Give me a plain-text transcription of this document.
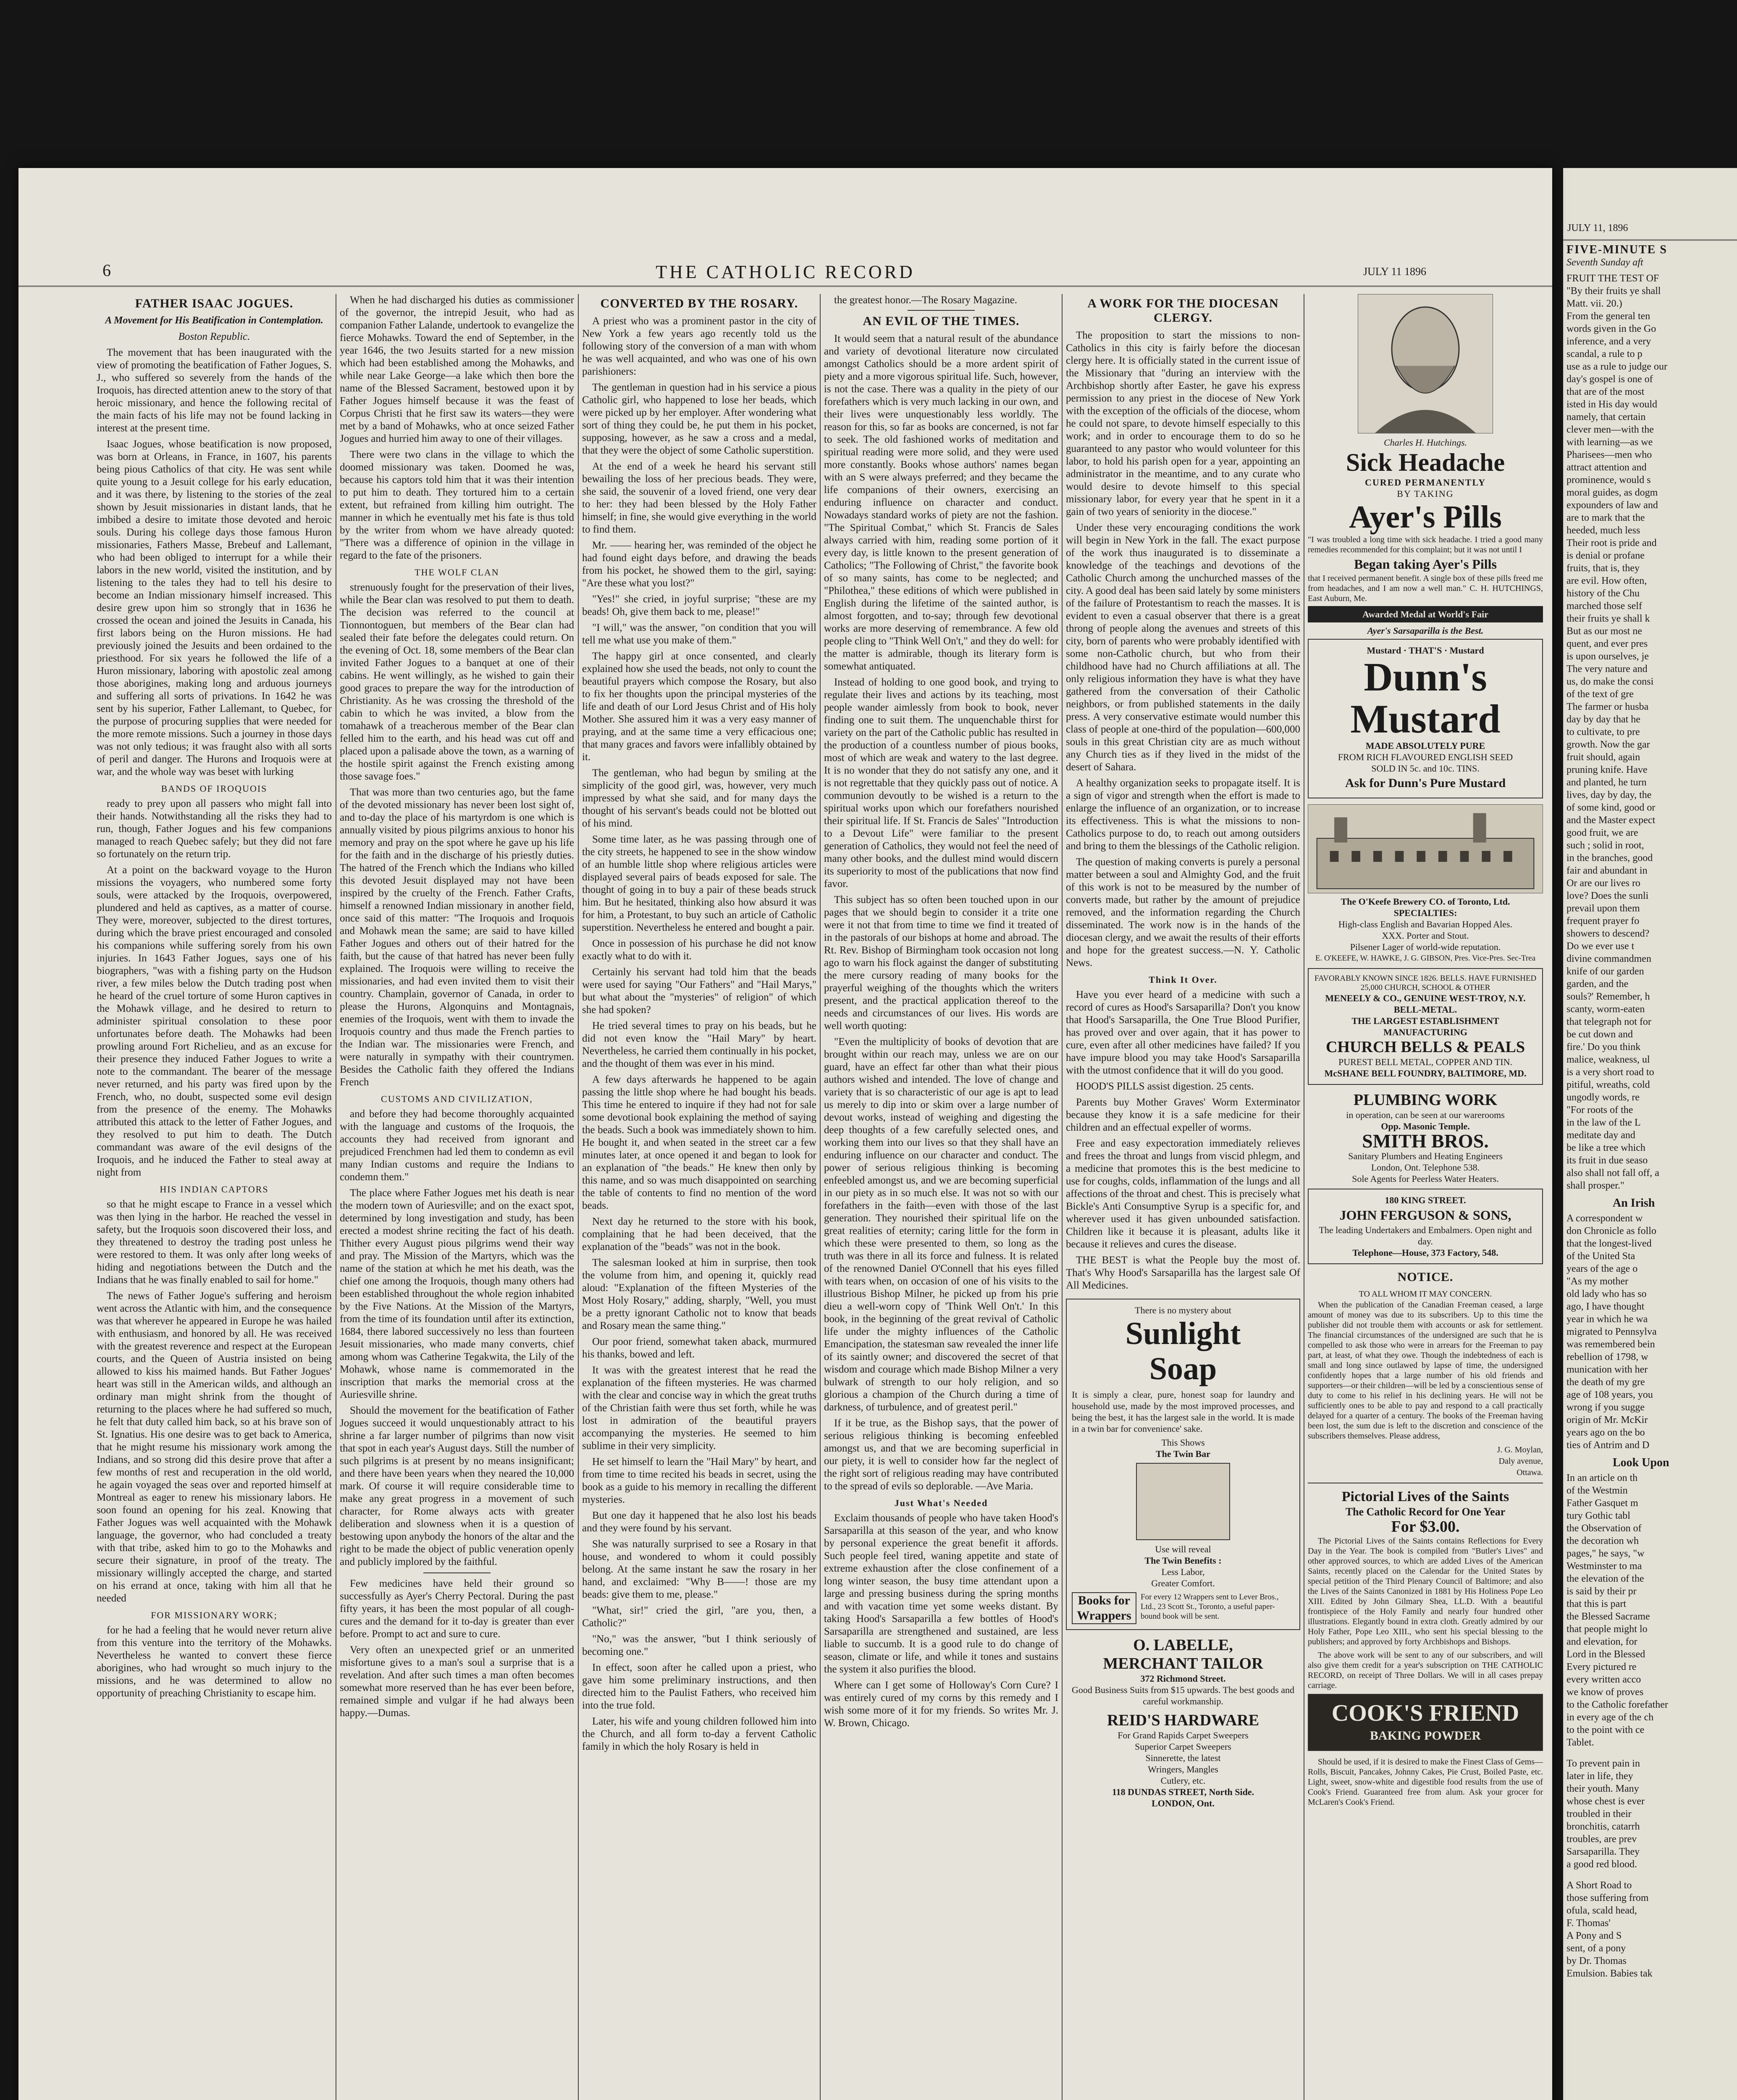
JULY 11, 1896
FIVE-MINUTE S
Seventh Sunday aft
FRUIT THE TEST OF
"By their fruits ye shall
Matt. vii. 20.)
From the general ten
words given in the Go
inference, and a very
scandal, a rule to p
use as a rule to judge our
day's gospel is one of
that are of the most
isted in His day would
namely, that certain
clever men—with the
with learning—as we
Pharisees—men who
attract attention and
prominence, would s
moral guides, as dogm
expounders of law and
are to mark that the
heeded, much less
Their root is pride and
is denial or profane
fruits, that is, they
are evil. How often,
history of the Chu
marched those self
their fruits ye shall k
But as our most ne
quent, and ever pres
is upon ourselves, je
The very nature and
us, do make the consi
of the text of gre
The farmer or husba
day by day that he
to cultivate, to pre
growth. Now the gar
fruit should, again
pruning knife. Have
and planted, he turn
lives, day by day, the
of some kind, good or
and the Master expect
good fruit, we are
such ; solid in root,
in the branches, good
fair and abundant in
Or are our lives ro
love? Does the sunli
prevail upon them
frequent prayer fo
showers to descend?
Do we ever use t
divine commandmen
knife of our garden
garden, and the
souls?' Remember, h
scanty, worm-eaten
that telegraph not for
be cut down and
fire.' Do you think
malice, weakness, ul
is a very short road to
pitiful, wreaths, cold
ungodly words, re
"For roots of the
in the law of the L
meditate day and
be like a tree which
its fruit in due seaso
also shall not fall off, a
shall prosper."
An Irish
A correspondent w
don Chronicle as follo
that the longest-lived
of the United Sta
years of the age o
"As my mother
old lady who has so
ago, I have thought
year in which he wa
migrated to Pennsylva
was remembered bein
rebellion of 1798, w
munication with her
the death of my gre
age of 108 years, you
wrong if you sugge
origin of Mr. McKir
years ago on the bo
ties of Antrim and D
Look Upon
In an article on th
of the Westmin
Father Gasquet m
tury Gothic tabl
the Observation of
the decoration wh
pages," he says, "w
Westminster to ma
the elevation of the
is said by their pr
that this is part
the Blessed Sacrame
that people might lo
and elevation, for
Lord in the Blessed
Every pictured re
every written acco
we know of proves
to the Catholic forefather
in every age of the ch
to the point with ce
Tablet.
To prevent pain in
later in life, they
their youth. Many
whose chest is ever
troubled in their
bronchitis, catarrh
troubles, are prev
Sarsaparilla. They
a good red blood.
A Short Road to
those suffering from
ofula, scald head,
F. Thomas'
A Pony and S
sent, of a pony
by Dr. Thomas
Emulsion. Babies tak
6	THE CATHOLIC RECORD	JULY 11 1896
FATHER ISAAC JOGUES.
A Movement for His Beatification in Contemplation.

Boston Republic.

The movement that has been inaugurated with the view of promoting the beatification of Father Jogues, S. J., who suffered so severely from the hands of the Iroquois, has directed attention anew to the story of that heroic missionary, and hence the following recital of the main facts of his life may not be found lacking in interest at the present time.

Isaac Jogues, whose beatification is now proposed, was born at Orleans, in France, in 1607, his parents being pious Catholics of that city. He was sent while quite young to a Jesuit college for his early education, and it was there, by listening to the stories of the zeal shown by Jesuit missionaries in distant lands, that he imbibed a desire to imitate those devoted and heroic souls. During his college days those famous Huron missionaries, Fathers Masse, Brebeuf and Lallemant, who had been obliged to interrupt for a while their labors in the new world, visited the institution, and by listening to the tales they had to tell his desire to become an Indian missionary himself increased. This desire grew upon him so strongly that in 1636 he crossed the ocean and joined the Jesuits in Canada, his first labors being on the Huron missions. He had previously joined the Jesuits and been ordained to the priesthood. For six years he followed the life of a Huron missionary, laboring with apostolic zeal among those aborigines, making long and arduous journeys and suffering all sorts of privations. In 1642 he was sent by his superior, Father Lallemant, to Quebec, for the purpose of procuring supplies that were needed for the more remote missions. Such a journey in those days was not only tedious; it was fraught also with all sorts of peril and danger. The Hurons and Iroquois were at war, and the whole way was beset with lurking

BANDS OF IROQUOIS

ready to prey upon all passers who might fall into their hands. Notwithstanding all the risks they had to run, though, Father Jogues and his few companions managed to reach Quebec safely; but they did not fare so fortunately on the return trip.

At a point on the backward voyage to the Huron missions the voyagers, who numbered some forty souls, were attacked by the Iroquois, overpowered, plundered and held as captives, as a matter of course. They were, moreover, subjected to the direst tortures, during which the brave priest encouraged and consoled his companions while suffering sorely from his own injuries. In 1643 Father Jogues, says one of his biographers, "was with a fishing party on the Hudson river, a few miles below the Dutch trading post when he heard of the cruel torture of some Huron captives in the Mohawk village, and he desired to return to administer spiritual consolation to these poor unfortunates before death. The Mohawks had been prowling around Fort Richelieu, and as an excuse for their presence they induced Father Jogues to write a note to the commandant. The bearer of the message never returned, and his party was fired upon by the French, who, no doubt, suspected some evil design from the presence of the enemy. The Mohawks attributed this attack to the letter of Father Jogues, and they resolved to put him to death. The Dutch commandant was aware of the evil designs of the Iroquois, and he induced the Father to steal away at night from

HIS INDIAN CAPTORS

so that he might escape to France in a vessel which was then lying in the harbor. He reached the vessel in safety, but the Iroquois soon discovered their loss, and they threatened to destroy the trading post unless he were restored to them. It was only after long weeks of hiding and negotiations between the Dutch and the Indians that he was finally enabled to sail for home."

The news of Father Jogue's suffering and heroism went across the Atlantic with him, and the consequence was that wherever he appeared in Europe he was hailed with enthusiasm, and honored by all. He was received with the greatest reverence and respect at the European courts, and the Queen of Austria insisted on being allowed to kiss his maimed hands. But Father Jogues' heart was still in the American wilds, and although an ordinary man might shrink from the thought of returning to the places where he had suffered so much, he felt that duty called him back, so at his brave son of St. Ignatius. His one desire was to get back to America, that he might resume his missionary work among the Indians, and so strong did this desire prove that after a few months of rest and recuperation in the old world, he again voyaged the seas over and reported himself at Montreal as eager to renew his missionary labors. He soon found an opening for his zeal. Knowing that Father Jogues was well acquainted with the Mohawk language, the governor, who had concluded a treaty with that tribe, asked him to go to the Mohawks and secure their signature, in proof of the treaty. The missionary willingly accepted the charge, and started on his errand at once, taking with him all that he needed

FOR MISSIONARY WORK;

for he had a feeling that he would never return alive from this venture into the territory of the Mohawks. Nevertheless he wanted to convert these fierce aborigines, who had wrought so much injury to the missions, and he was determined to allow no opportunity of preaching Christianity to escape him.

When he had discharged his duties as commissioner of the governor, the intrepid Jesuit, who had as companion Father Lalande, undertook to evangelize the fierce Mohawks. Toward the end of September, in the year 1646, the two Jesuits started for a new mission which had been established among the Mohawks, and while near Lake George—a lake which then bore the name of the Blessed Sacrament, bestowed upon it by Father Jogues himself because it was the feast of Corpus Christi that he first saw its waters—they were met by a band of Mohawks, who at once seized Father Jogues and hurried him away to one of their villages.

There were two clans in the village to which the doomed missionary was taken. Doomed he was, because his captors told him that it was their intention to put him to death. They tortured him to a certain extent, but refrained from killing him outright. The manner in which he eventually met his fate is thus told by the writer from whom we have already quoted: "There was a difference of opinion in the village in regard to the fate of the prisoners.

THE WOLF CLAN

strenuously fought for the preservation of their lives, while the Bear clan was resolved to put them to death. The decision was referred to the council at Tionnontoguen, but members of the Bear clan had sealed their fate before the delegates could return. On the evening of Oct. 18, some members of the Bear clan invited Father Jogues to a banquet at one of their cabins. He went willingly, as he wished to gain their good graces to prepare the way for the introduction of Christianity. As he was crossing the threshold of the cabin to which he was invited, a blow from the tomahawk of a treacherous member of the Bear clan felled him to the earth, and his head was cut off and placed upon a palisade above the town, as a warning of the hostile spirit against the French existing among those savage foes."

That was more than two centuries ago, but the fame of the devoted missionary has never been lost sight of, and to-day the place of his martyrdom is one which is annually visited by pious pilgrims anxious to honor his memory and pray on the spot where he gave up his life for the faith and in the discharge of his priestly duties. The hatred of the French which the Indians who killed this devoted Jesuit displayed may not have been inspired by the cruelty of the French. Father Crafts, himself a renowned Indian missionary in another field, once said of this matter: "The Iroquois and Iroquois and Mohawk mean the same; are said to have killed Father Jogues and others out of their hatred for the faith, but the cause of that hatred has never been fully explained. The Iroquois were willing to receive the missionaries, and had even invited them to visit their country. Champlain, governor of Canada, in order to please the Hurons, Algonquins and Montagnais, enemies of the Iroquois, went with them to invade the Iroquois country and thus made the French parties to the Indian war. The missionaries were French, and were naturally in sympathy with their countrymen. Besides the Catholic faith they offered the Indians French

CUSTOMS AND CIVILIZATION,

and before they had become thoroughly acquainted with the language and customs of the Iroquois, the accounts they had received from ignorant and prejudiced Frenchmen had led them to condemn as evil many Indian customs and require the Indians to condemn them."

The place where Father Jogues met his death is near the modern town of Auriesville; and on the exact spot, determined by long investigation and study, has been erected a modest shrine reciting the fact of his death. Thither every August pious pilgrims wend their way and pray. The Mission of the Martyrs, which was the name of the station at which he met his death, was the chief one among the Iroquois, though many others had been established throughout the whole region inhabited by the Five Nations. At the Mission of the Martyrs, from the time of its foundation until after its extinction, 1684, there labored successively no less than fourteen Jesuit missionaries, who made many converts, chief among whom was Catherine Tegakwita, the Lily of the Mohawk, whose name is commemorated in the inscription that marks the memorial cross at the Auriesville shrine.

Should the movement for the beatification of Father Jogues succeed it would unquestionably attract to his shrine a far larger number of pilgrims than now visit that spot in each year's August days. Still the number of such pilgrims is at present by no means insignificant; and there have been years when they neared the 10,000 mark. Of course it will require considerable time to make any great progress in a movement of such character, for Rome always acts with greater deliberation and slowness when it is a question of bestowing upon anybody the honors of the altar and the right to be made the object of public veneration openly and publicly implored by the faithful.

Few medicines have held their ground so successfully as Ayer's Cherry Pectoral. During the past fifty years, it has been the most popular of all cough-cures and the demand for it to-day is greater than ever before. Prompt to act and sure to cure.

Very often an unexpected grief or an unmerited misfortune gives to a man's soul a surprise that is a revelation. And after such times a man often becomes somewhat more reserved than he has ever been before, remained simple and vulgar if he had always been happy.—Dumas.

CONVERTED BY THE ROSARY.

A priest who was a prominent pastor in the city of New York a few years ago recently told us the following story of the conversion of a man with whom he was well acquainted, and who was one of his own parishioners:

The gentleman in question had in his service a pious Catholic girl, who happened to lose her beads, which were picked up by her employer. After wondering what sort of thing they could be, he put them in his pocket, supposing, however, as he saw a cross and a medal, that they were the object of some Catholic superstition.

At the end of a week he heard his servant still bewailing the loss of her precious beads. They were, she said, the souvenir of a loved friend, one very dear to her: they had been blessed by the Holy Father himself; in fine, she would give everything in the world to find them.

Mr. —— hearing her, was reminded of the object he had found eight days before, and drawing the beads from his pocket, he showed them to the girl, saying: "Are these what you lost?"

"Yes!" she cried, in joyful surprise; "these are my beads! Oh, give them back to me, please!"

"I will," was the answer, "on condition that you will tell me what use you make of them."

The happy girl at once consented, and clearly explained how she used the beads, not only to count the beautiful prayers which compose the Rosary, but also to fix her thoughts upon the principal mysteries of the life and death of our Lord Jesus Christ and of His holy Mother. She assured him it was a very easy manner of praying, and at the same time a very efficacious one; that many graces and favors were infallibly obtained by it.

The gentleman, who had begun by smiling at the simplicity of the good girl, was, however, very much impressed by what she said, and for many days the thought of his servant's beads could not be blotted out of his mind.

Some time later, as he was passing through one of the city streets, he happened to see in the show window of an humble little shop where religious articles were displayed several pairs of beads exposed for sale. The thought of going in to buy a pair of these beads struck him. But he hesitated, thinking also how absurd it was for him, a Protestant, to buy such an article of Catholic superstition. Nevertheless he entered and bought a pair.

Once in possession of his purchase he did not know exactly what to do with it.

Certainly his servant had told him that the beads were used for saying "Our Fathers" and "Hail Marys," but what about the "mysteries" of religion" of which she had spoken?

He tried several times to pray on his beads, but he did not even know the "Hail Mary" by heart. Nevertheless, he carried them continually in his pocket, and the thought of them was ever in his mind.

A few days afterwards he happened to be again passing the little shop where he had bought his beads. This time he entered to inquire if they had not for sale some devotional book explaining the method of saying the beads. Such a book was immediately shown to him. He bought it, and when seated in the street car a few minutes later, at once opened it and began to look for an explanation of "the beads." He knew then only by this name, and so was much disappointed on searching the table of contents to find no mention of the word beads.

Next day he returned to the store with his book, complaining that he had been deceived, that the explanation of the "beads" was not in the book.

The salesman looked at him in surprise, then took the volume from him, and opening it, quickly read aloud: "Explanation of the fifteen Mysteries of the Most Holy Rosary," adding, sharply, "Well, you must be a pretty ignorant Catholic not to know that beads and Rosary mean the same thing."

Our poor friend, somewhat taken aback, murmured his thanks, bowed and left.

It was with the greatest interest that he read the explanation of the fifteen mysteries. He was charmed with the clear and concise way in which the great truths of the Christian faith were thus set forth, while he was lost in admiration of the beautiful prayers accompanying the mysteries. He seemed to him sublime in their very simplicity.

He set himself to learn the "Hail Mary" by heart, and from time to time recited his beads in secret, using the book as a guide to his memory in recalling the different mysteries.

But one day it happened that he also lost his beads and they were found by his servant.

She was naturally surprised to see a Rosary in that house, and wondered to whom it could possibly belong. At the same instant he saw the rosary in her hand, and exclaimed: "Why B——! those are my beads: give them to me, please."

"What, sir!" cried the girl, "are you, then, a Catholic?"

"No," was the answer, "but I think seriously of becoming one."

In effect, soon after he called upon a priest, who gave him some preliminary instructions, and then directed him to the Paulist Fathers, who received him into the true fold.

Later, his wife and young children followed him into the Church, and all form to-day a fervent Catholic family in which the holy Rosary is held in

the greatest honor.—The Rosary Magazine.

AN EVIL OF THE TIMES.

It would seem that a natural result of the abundance and variety of devotional literature now circulated amongst Catholics should be a more ardent spirit of piety and a more vigorous spiritual life. Such, however, is not the case. There was a quality in the piety of our forefathers which is very much lacking in our own, and their lives were unquestionably less worldly. The reason for this, so far as books are concerned, is not far to seek. The old fashioned works of meditation and spiritual reading were more solid, and they were used more constantly. Books whose authors' names began with an S were always preferred; and they became the life companions of their owners, exercising an enduring influence on character and conduct. Nowadays standard works of piety are not the fashion. "The Spiritual Combat," which St. Francis de Sales always carried with him, reading some portion of it every day, is little known to the present generation of Catholics; "The Following of Christ," the favorite book of so many saints, has come to be neglected; and "Philothea," these editions of which were published in English during the lifetime of the sainted author, is almost forgotten, and to-say; through few devotional works are more deserving of remembrance. A few old people cling to "Think Well On't," and they do well: for the matter is admirable, though its literary form is somewhat antiquated.

Instead of holding to one good book, and trying to regulate their lives and actions by its teaching, most people wander aimlessly from book to book, never finding one to suit them. The unquenchable thirst for variety on the part of the Catholic public has resulted in the production of a countless number of pious books, most of which are weak and watery to the last degree. It is no wonder that they do not satisfy any one, and it is not regrettable that they quickly pass out of notice. A communion devoutly to be wished is a return to the spiritual works upon which our forefathers nourished their spiritual life. If St. Francis de Sales' "Introduction to a Devout Life" were familiar to the present generation of Catholics, they would not feel the need of many other books, and the dullest mind would discern its superiority to most of the publications that now find favor.

This subject has so often been touched upon in our pages that we should begin to consider it a trite one were it not that from time to time we find it treated of in the pastorals of our bishops at home and abroad. The Rt. Rev. Bishop of Birmingham took occasion not long ago to warn his flock against the danger of substituting the mere cursory reading of many books for the prayerful weighing of the thoughts which the writers present, and the practical application thereof to the needs and circumstances of our lives. His words are well worth quoting:

"Even the multiplicity of books of devotion that are brought within our reach may, unless we are on our guard, have an effect far other than what their pious authors wished and intended. The love of change and variety that is so characteristic of our age is apt to lead us merely to dip into or skim over a large number of devout works, instead of weighing and digesting the deep thoughts of a few carefully selected ones, and working them into our lives so that they shall have an enduring influence on our character and conduct. The power of serious religious thinking is becoming enfeebled amongst us, and we are becoming superficial in our piety as in so much else. It was not so with our forefathers in the faith—even with those of the last generation. They nourished their spiritual life on the great realities of eternity; caring little for the form in which these were presented to them, so long as the truth was there in all its force and fulness. It is related of the renowned Daniel O'Connell that his eyes filled with tears when, on occasion of one of his visits to the illustrious Bishop Milner, he picked up from his prie dieu a well-worn copy of 'Think Well On't.' In this book, in the beginning of the great revival of Catholic life under the mighty influences of the Catholic Emancipation, the statesman saw revealed the inner life of its saintly owner; and discovered the secret of that wisdom and courage which made Bishop Milner a very bulwark of strength to our holy religion, and so glorious a champion of the Church during a time of darkness, of turbulence, and of greatest peril."

If it be true, as the Bishop says, that the power of serious religious thinking is becoming enfeebled amongst us, and that we are becoming superficial in our piety, it is well to consider how far the neglect of the right sort of religious reading may have contributed to the spread of evils so deplorable. —Ave Maria.

Just What's Needed

Exclaim thousands of people who have taken Hood's Sarsaparilla at this season of the year, and who know by personal experience the great benefit it affords. Such people feel tired, waning appetite and state of extreme exhaustion after the close confinement of a long winter season, the busy time attendant upon a large and pressing business during the spring months and with vacation time yet some weeks distant. By taking Hood's Sarsaparilla a few bottles of Hood's Sarsaparilla are strengthened and sustained, are less liable to succumb. It is a good rule to do change of season, climate or life, and while it tones and sustains the system it also purifies the blood.

Where can I get some of Holloway's Corn Cure? I was entirely cured of my corns by this remedy and I wish some more of it for my friends. So writes Mr. J. W. Brown, Chicago.

A WORK FOR THE DIOCESAN CLERGY.

The proposition to start the missions to non-Catholics in this city is fairly before the diocesan clergy here. It is officially stated in the current issue of the Missionary that "during an interview with the Archbishop shortly after Easter, he gave his express permission to any priest in the diocese of New York with the exception of the officials of the diocese, whom he could not spare, to devote himself especially to this work; and in order to encourage them to do so he guaranteed to any pastor who would volunteer for this labor, to hold his parish open for a year, appointing an administrator in the meantime, and to any curate who would desire to devote himself to this special missionary labor, for every year that he spent in it a gain of two years of seniority in the diocese."

Under these very encouraging conditions the work will begin in New York in the fall. The exact purpose of the work thus inaugurated is to disseminate a knowledge of the teachings and devotions of the Catholic Church among the unchurched masses of the city. A good deal has been said lately by some ministers of the failure of Protestantism to reach the masses. It is evident to even a casual observer that there is a great throng of people along the avenues and streets of this city, born of parents who were probably identified with some non-Catholic church, but who from their childhood have had no Church affiliations at all. The only religious information they have is what they have gathered from the conversation of their Catholic neighbors, or from published statements in the daily press. A very conservative estimate would number this class of people at one-third of the population—600,000 souls in this great Christian city are as much without any Church ties as if they lived in the midst of the desert of Sahara.

A healthy organization seeks to propagate itself. It is a sign of vigor and strength when the effort is made to enlarge the influence of an organization, or to increase its effectiveness. This is what the missions to non-Catholics purpose to do, to reach out among outsiders and bring to them the blessings of the Catholic religion.

The question of making converts is purely a personal matter between a soul and Almighty God, and the fruit of this work is not to be measured by the number of converts made, but rather by the amount of prejudice removed, and the information regarding the Church disseminated. The work now is in the hands of the diocesan clergy, and we await the results of their efforts and hope for the greatest success.—N. Y. Catholic News.

Think It Over.

Have you ever heard of a medicine with such a record of cures as Hood's Sarsaparilla? Don't you know that Hood's Sarsaparilla, the One True Blood Purifier, has proved over and over again, that it has power to cure, even after all other medicines have failed? If you have impure blood you may take Hood's Sarsaparilla with the utmost confidence that it will do you good.

HOOD'S PILLS assist digestion. 25 cents.

Parents buy Mother Graves' Worm Exterminator because they know it is a safe medicine for their children and an effectual expeller of worms.

Free and easy expectoration immediately relieves and frees the throat and lungs from viscid phlegm, and a medicine that promotes this is the best medicine to use for coughs, colds, inflammation of the lungs and all affections of the throat and chest. This is precisely what Bickle's Anti Consumptive Syrup is a specific for, and wherever used it has given unbounded satisfaction. Children like it because it is pleasant, adults like it because it relieves and cures the disease.

THE BEST is what the People buy the most of. That's Why Hood's Sarsaparilla has the largest sale Of All Medicines.

There is no mystery about
Sunlight
Soap
It is simply a clear, pure, honest soap for laundry and household use, made by the most improved processes, and being the best, it has the largest sale in the world. It is made in a twin bar for convenience' sake.
This Shows
The Twin Bar
Use will reveal
The Twin Benefits :
Less Labor,
Greater Comfort.
Books for Wrappers
For every 12 Wrappers sent to Lever Bros., Ltd., 23 Scott St., Toronto, a useful paper-bound book will be sent.
O. LABELLE,
MERCHANT TAILOR
372 Richmond Street.
Good Business Suits from $15 upwards. The best goods and careful workmanship.
REID'S HARDWARE
For Grand Rapids Carpet Sweepers
Superior Carpet Sweepers
Sinnerette, the latest
Wringers, Mangles
Cutlery, etc.
118 DUNDAS STREET, North Side.
LONDON, Ont.
Charles H. Hutchings.
Sick Headache
CURED PERMANENTLY
BY TAKING
Ayer's Pills
"I was troubled a long time with sick headache. I tried a good many remedies recommended for this complaint; but it was not until I
Began taking Ayer's Pills
that I received permanent benefit. A single box of these pills freed me from headaches, and I am now a well man." C. H. HUTCHINGS, East Auburn, Me.
Awarded Medal at World's Fair
Ayer's Sarsaparilla is the Best.
Mustard · THAT'S · Mustard
Dunn's
Mustard
MADE ABSOLUTELY PURE
FROM RICH FLAVOURED ENGLISH SEED
SOLD IN 5c. and 10c. TINS.
Ask for Dunn's Pure Mustard
The O'Keefe Brewery CO. of Toronto, Ltd.
SPECIALTIES:
High-class English and Bavarian Hopped Ales.
XXX. Porter and Stout.
Pilsener Lager of world-wide reputation.
E. O'KEEFE, W. HAWKE, J. G. GIBSON, Pres. Vice-Pres. Sec-Trea
FAVORABLY KNOWN SINCE 1826. BELLS. HAVE FURNISHED 25,000 CHURCH, SCHOOL & OTHER
MENEELY & CO., GENUINE WEST-TROY, N.Y. BELL-METAL.
THE LARGEST ESTABLISHMENT MANUFACTURING
CHURCH BELLS & PEALS
PUREST BELL METAL, COPPER AND TIN.
McSHANE BELL FOUNDRY, BALTIMORE, MD.
PLUMBING WORK
in operation, can be seen at our warerooms
Opp. Masonic Temple.
SMITH BROS.
Sanitary Plumbers and Heating Engineers
London, Ont. Telephone 538.
Sole Agents for Peerless Water Heaters.
180 KING STREET.
JOHN FERGUSON & SONS,
The leading Undertakers and Embalmers. Open night and day.
Telephone—House, 373 Factory, 548.
NOTICE.
TO ALL WHOM IT MAY CONCERN.

When the publication of the Canadian Freeman ceased, a large amount of money was due to its subscribers. Up to this time the publisher did not trouble them with accounts or ask for settlement. The financial circumstances of the undersigned are such that he is compelled to ask those who were in arrears for the Freeman to pay part, at least, of what they owe. Though the indebtedness of each is small and long since outlawed by lapse of time, the undersigned confidently hopes that a large number of his old friends and supporters—or their children—will be led by a conscientious sense of duty to come to his relief in his declining years. He will not be sufficiently ones to be able to pay and respond to a call practically delayed for a quarter of a century. The books of the Freeman having been lost, the sum due is left to the discretion and conscience of the subscribers themselves. Please address,

J. G. Moylan,
Daly avenue,
Ottawa.
Pictorial Lives of the Saints
The Catholic Record for One Year
For $3.00.

The Pictorial Lives of the Saints contains Reflections for Every Day in the Year. The book is compiled from "Butler's Lives" and other approved sources, to which are added Lives of the American Saints, recently placed on the Calendar for the United States by special petition of the Third Plenary Council of Baltimore; and also the Lives of the Saints Canonized in 1881 by His Holiness Pope Leo XIII. Edited by John Gilmary Shea, LL.D. With a beautiful frontispiece of the Holy Family and nearly four hundred other illustrations. Elegantly bound in extra cloth. Greatly admired by our Holy Father, Pope Leo XIII., who sent his special blessing to the publishers; and approved by forty Archbishops and Bishops.

The above work will be sent to any of our subscribers, and will also give them credit for a year's subscription on THE CATHOLIC RECORD, on receipt of Three Dollars. We will in all cases prepay carriage.

COOK'S FRIEND
BAKING POWDER

Should be used, if it is desired to make the Finest Class of Gems—Rolls, Biscuit, Pancakes, Johnny Cakes, Pie Crust, Boiled Paste, etc. Light, sweet, snow-white and digestible food results from the use of Cook's Friend. Guaranteed free from alum. Ask your grocer for McLaren's Cook's Friend.
